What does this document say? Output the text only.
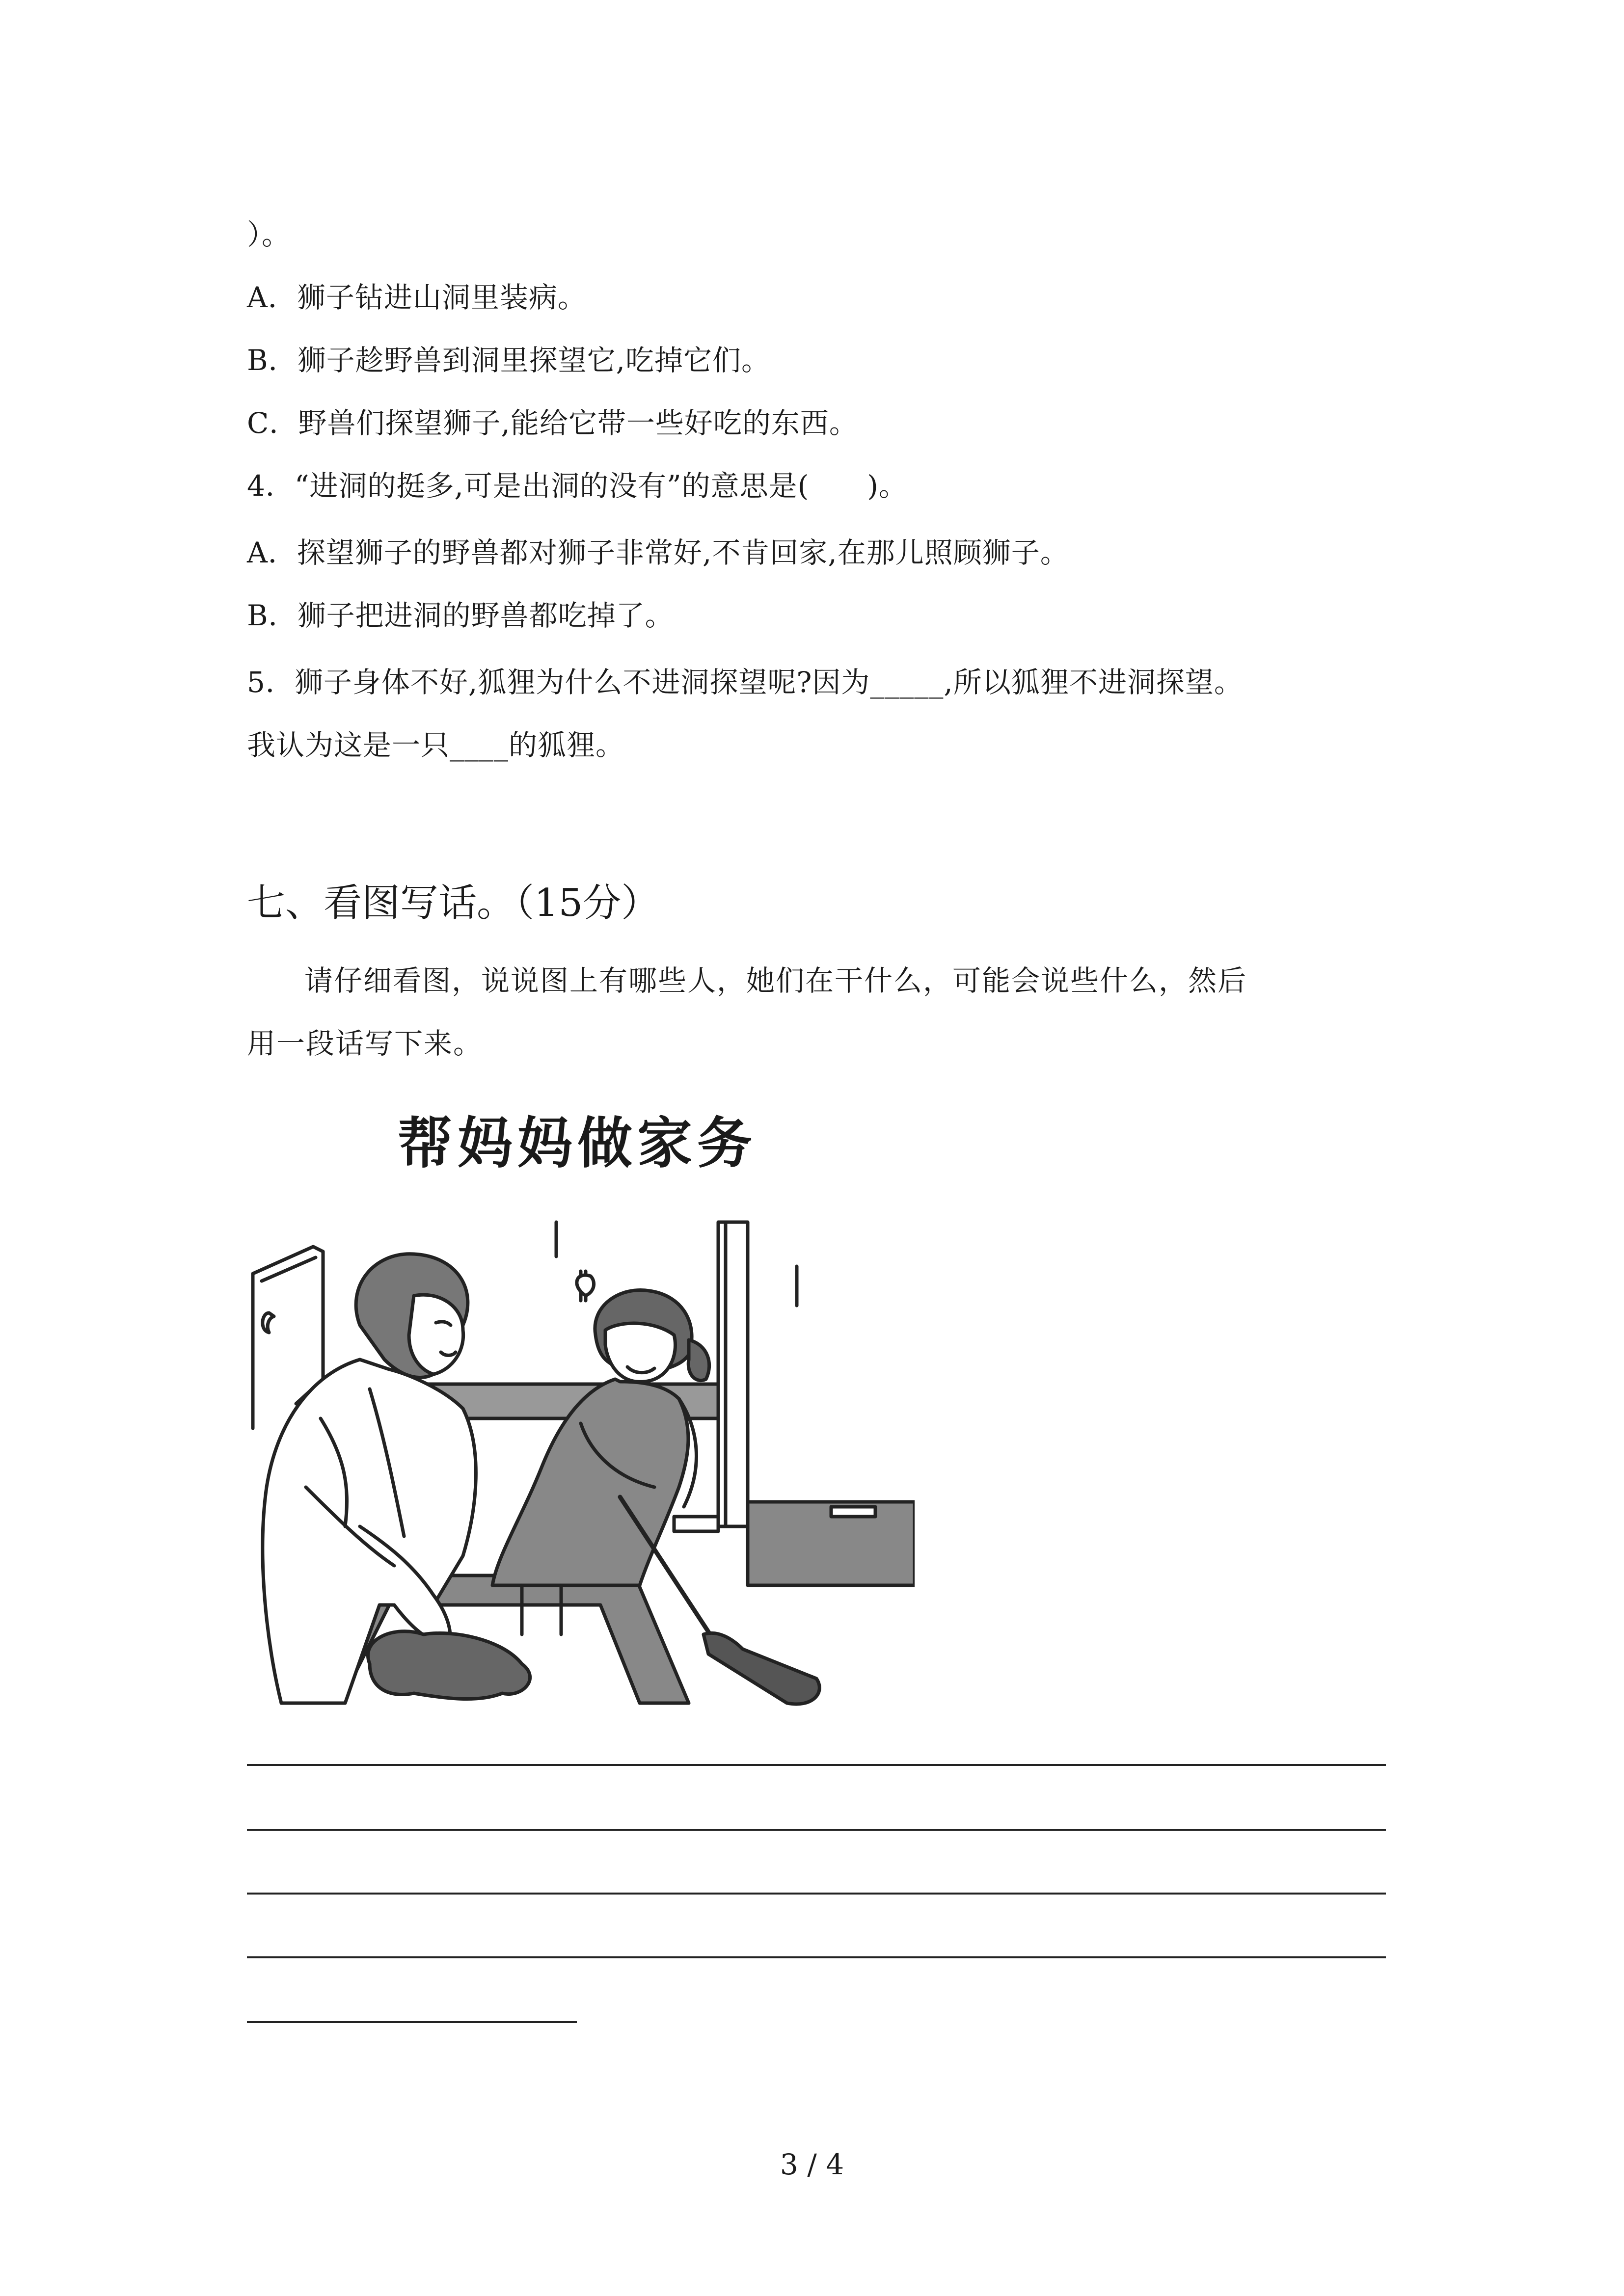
）。
A．狮子钻进山洞里装病。
B．狮子趁野兽到洞里探望它,吃掉它们。
C．野兽们探望狮子,能给它带一些好吃的东西。
4．“进洞的挺多,可是出洞的没有”的意思是(　　)。
A．探望狮子的野兽都对狮子非常好,不肯回家,在那儿照顾狮子。
B．狮子把进洞的野兽都吃掉了。
5．狮子身体不好,狐狸为什么不进洞探望呢?因为_____,所以狐狸不进洞探望。
我认为这是一只____的狐狸。
七、看图写话。（15分）
请仔细看图，说说图上有哪些人，她们在干什么，可能会说些什么，然后
用一段话写下来。
帮妈妈做家务
3 / 4
